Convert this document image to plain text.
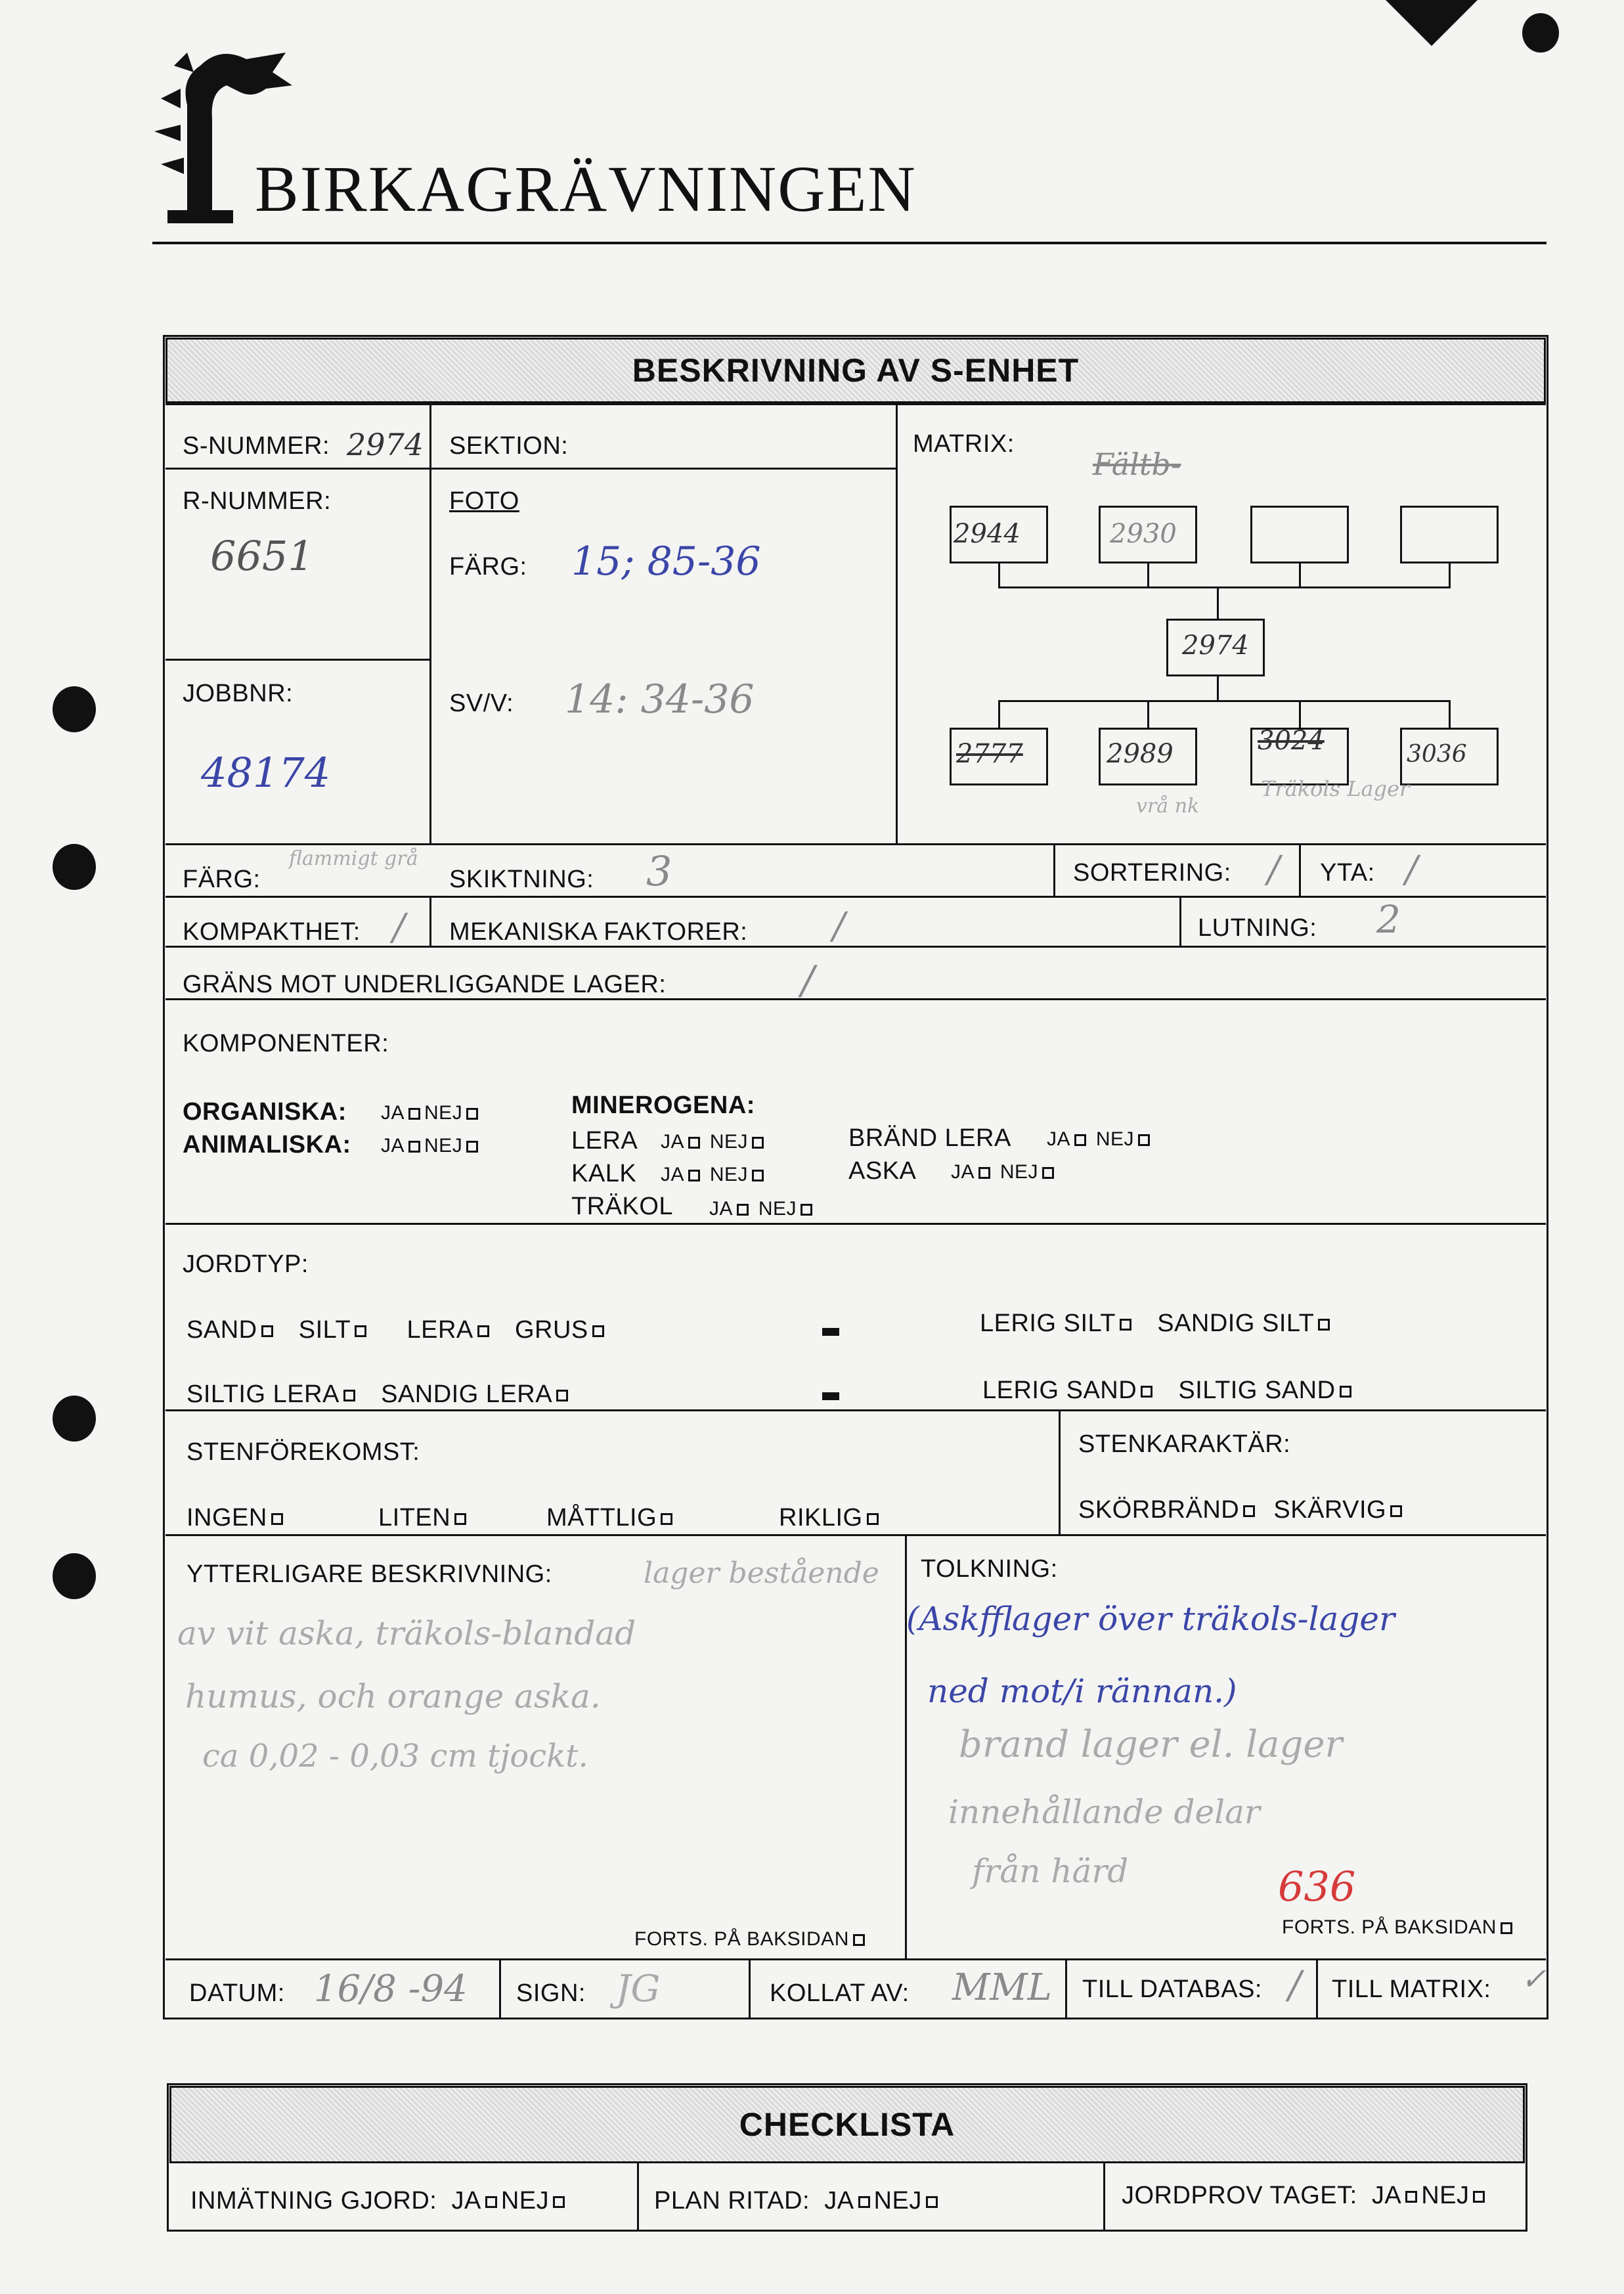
BIRKAGRÄVNINGEN
BESKRIVNING AV S-ENHET
S-NUMMER: 2974 SEKTION:
R-NUMMER:
6651
FOTO
FÄRG: 15; 85-36
SV/V: 14: 34-36
JOBBNR:
48174
MATRIX:
Fältb-
2944	2930
2974
2777	2989	3024	3036
Träkols Lager
vrå nk
FÄRG:
flammigt grå
SKIKTNING: 3	SORTERING: / YTA: /
KOMPAKTHET: / MEKANISKA FAKTORER: /	LUTNING: 2
GRÄNS MOT UNDERLIGGANDE LAGER:	/
KOMPONENTER:
ORGANISKA: JA NEJ
ANIMALISKA: JA NEJ
MINEROGENA:
LERA JA NEJ
KALK JA NEJ
TRÄKOL JA NEJ
BRÄND LERA JA NEJ
ASKA JA NEJ
JORDTYP:
SAND SILT LERA GRUS	LERIG SILT SANDIG SILT
SILTIG LERA SANDIG LERA	LERIG SAND SILTIG SAND
STENFÖREKOMST:
INGEN	LITEN	MÅTTLIG	RIKLIG
STENKARAKTÄR:
SKÖRBRÄND SKÄRVIG
YTTERLIGARE BESKRIVNING:	lager bestående
av vit aska, träkols-blandad
humus, och orange aska.
ca 0,02 - 0,03 cm tjockt.
FORTS. PÅ BAKSIDAN
TOLKNING:
(Askfflager över träkols-lager
ned mot/i rännan.)
brand lager el. lager
innehållande delar
från härd	636
FORTS. PÅ BAKSIDAN
DATUM: 16/8 -94 SIGN: JG	KOLLAT AV: MML TILL DATABAS: / TILL MATRIX: ✓
CHECKLISTA
INMÄTNING GJORD: JA NEJ	PLAN RITAD: JA NEJ	JORDPROV TAGET: JA NEJ
